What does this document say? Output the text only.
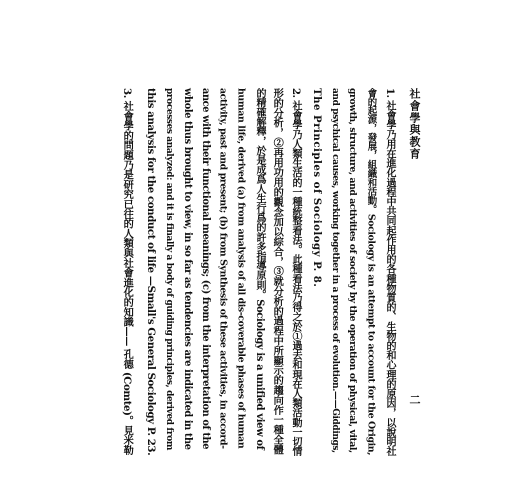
社會學與教育
二
1. 社會學乃用在進化過程中共同起作用的各種物質的、生物的和心理的原因，以說明社
會的起源，發展，組織和活動。Sociology is an attempt to account for the Origin,
growth, structure, and activities of society by the operation of physical, vital,
and psychical causes, working together in a process of evolution.——Giddings,
The Principles of Sociology P. 8.
2. 社會學乃人類生活的一種統整看法。此種看法乃得之於①過去和現在人類活動一切情
形的分析，②再用功用的觀念加以綜合，③就分析的過程中所顯示的趨向作一種全體
的精確解釋，於是成爲人生行爲的許多指導原則。Sociology is a unified view of
human life, derived (a) from analysis of all dis-coverable phases of human
activity, past and present; (b) from Synthesis of these activities, in accord-
ance with their functional meanings; (c) from the interpretation of the
whole thus brought to view, in so far as tendencies are indicated in the
processes analyzed: and it is finally a body of guiding principles, derived from
this analysis for the conduct of life —Small's General Sociology P. 23.
3. 社會學的問題乃是研究已往的人類與社會進化的知識—— 孔德 (Comte)。見米勒
